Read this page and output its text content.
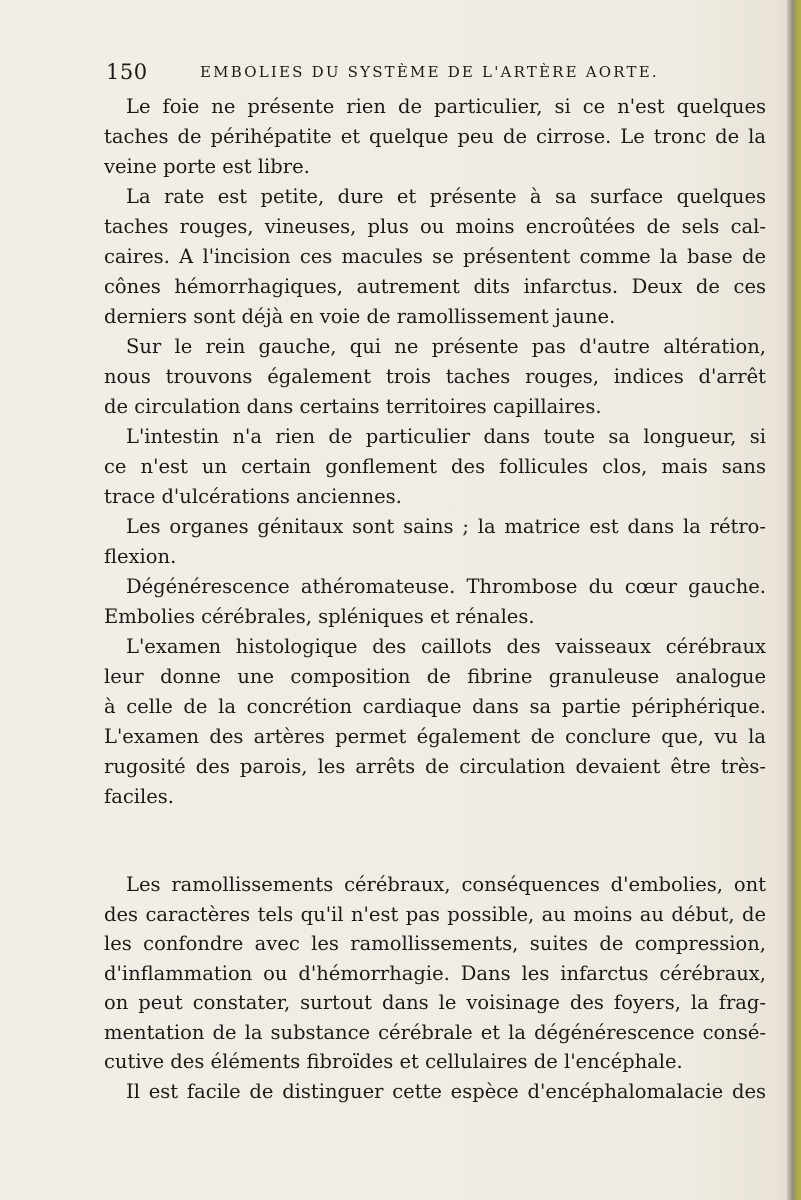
150	EMBOLIES DU SYSTÈME DE L'ARTÈRE AORTE.
Le foie ne présente rien de particulier, si ce n'est quelques
taches de périhépatite et quelque peu de cirrose. Le tronc de la
veine porte est libre.
La rate est petite, dure et présente à sa surface quelques
taches rouges, vineuses, plus ou moins encroûtées de sels cal-
caires. A l'incision ces macules se présentent comme la base de
cônes hémorrhagiques, autrement dits infarctus. Deux de ces
derniers sont déjà en voie de ramollissement jaune.
Sur le rein gauche, qui ne présente pas d'autre altération,
nous trouvons également trois taches rouges, indices d'arrêt
de circulation dans certains territoires capillaires.
L'intestin n'a rien de particulier dans toute sa longueur, si
ce n'est un certain gonflement des follicules clos, mais sans
trace d'ulcérations anciennes.
Les organes génitaux sont sains ; la matrice est dans la rétro-
flexion.
Dégénérescence athéromateuse. Thrombose du cœur gauche.
Embolies cérébrales, spléniques et rénales.
L'examen histologique des caillots des vaisseaux cérébraux
leur donne une composition de fibrine granuleuse analogue
à celle de la concrétion cardiaque dans sa partie périphérique.
L'examen des artères permet également de conclure que, vu la
rugosité des parois, les arrêts de circulation devaient être très-
faciles.
Les ramollissements cérébraux, conséquences d'embolies, ont
des caractères tels qu'il n'est pas possible, au moins au début, de
les confondre avec les ramollissements, suites de compression,
d'inflammation ou d'hémorrhagie. Dans les infarctus cérébraux,
on peut constater, surtout dans le voisinage des foyers, la frag-
mentation de la substance cérébrale et la dégénérescence consé-
cutive des éléments fibroïdes et cellulaires de l'encéphale.
Il est facile de distinguer cette espèce d'encéphalomalacie des
